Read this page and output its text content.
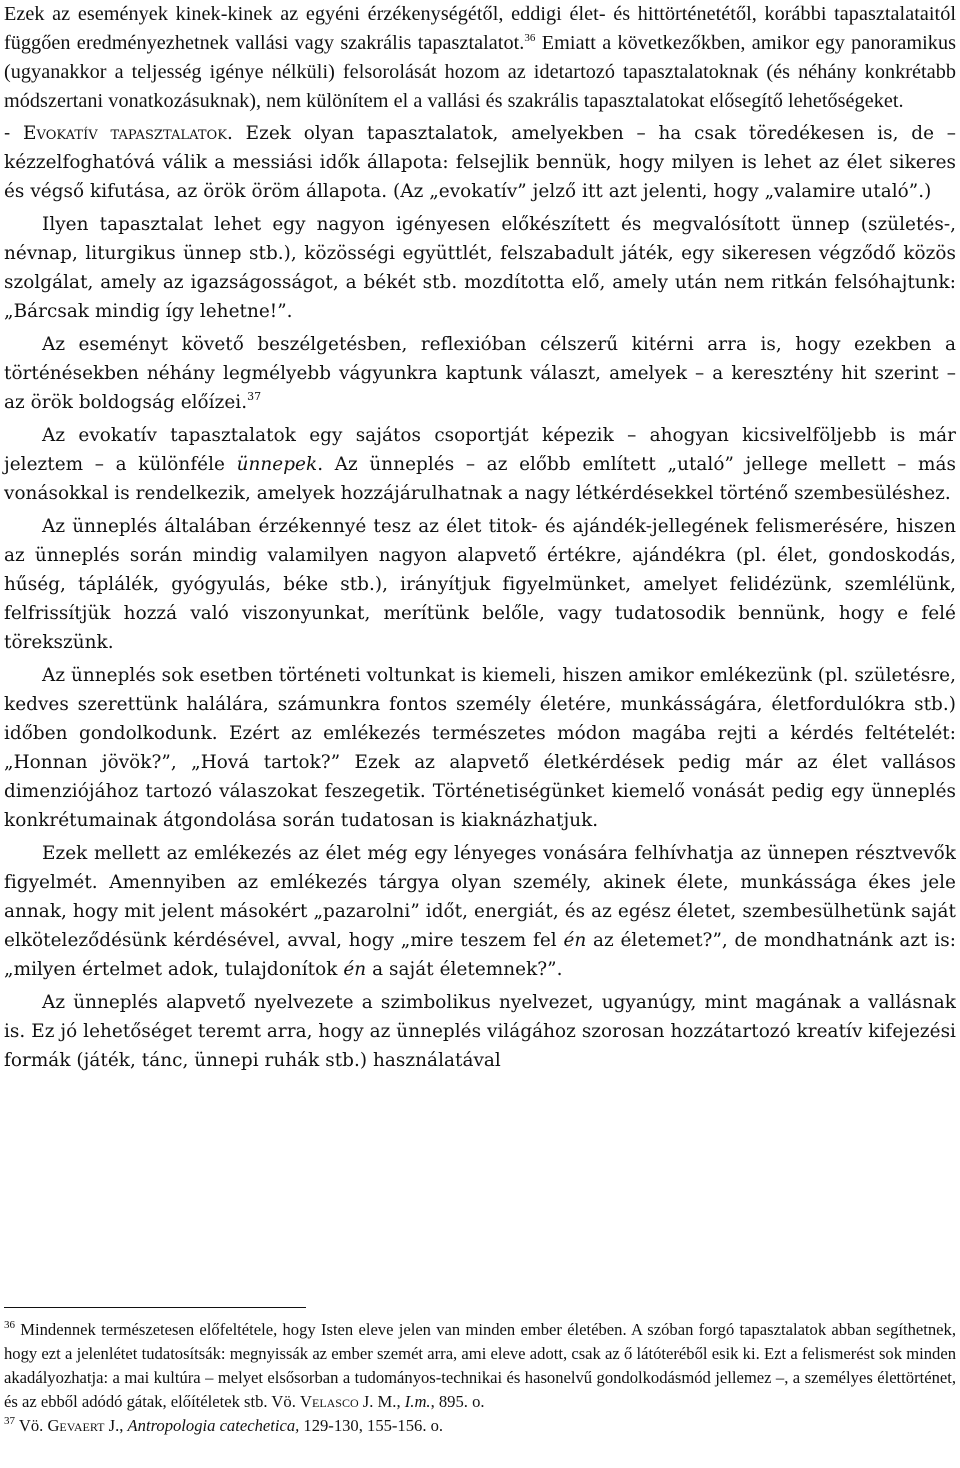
Ezek az események kinek-kinek az egyéni érzékenységétől, eddigi élet- és hittörténetétől, korábbi tapasztalataitól függően eredményezhetnek vallási vagy szakrális tapasztalatot.$^{36}$ Emiatt a következőkben, amikor egy panoramikus (ugyanakkor a teljesség igénye nélküli) felsorolását hozom az idetartozó tapasztalatoknak (és néhány konkrétabb módszertani vonatkozásuknak), nem különítem el a vallási és szakrális tapasztalatokat elősegítő lehetőségeket.

- Evokatív tapasztalatok. Ezek olyan tapasztalatok, amelyekben – ha csak töredékesen is, de – kézzelfoghatóvá válik a messiási idők állapota: felsejlik bennük, hogy milyen is lehet az élet sikeres és végső kifutása, az örök öröm állapota. (Az „evokatív” jelző itt azt jelenti, hogy „valamire utaló”.)

Ilyen tapasztalat lehet egy nagyon igényesen előkészített és megvalósított ünnep (születés-, névnap, liturgikus ünnep stb.), közösségi együttlét, felszabadult játék, egy sikeresen végződő közös szolgálat, amely az igazságosságot, a békét stb. mozdította elő, amely után nem ritkán felsóhajtunk: „Bárcsak mindig így lehetne!”.

Az eseményt követő beszélgetésben, reflexióban célszerű kitérni arra is, hogy ezekben a történésekben néhány legmélyebb vágyunkra kaptunk választ, amelyek – a keresztény hit szerint – az örök boldogság előízei.$^{37}$

Az evokatív tapasztalatok egy sajátos csoportját képezik – ahogyan kicsivelföljebb is már jeleztem – a különféle ünnepek. Az ünneplés – az előbb említett „utaló” jellege mellett – más vonásokkal is rendelkezik, amelyek hozzájárulhatnak a nagy létkérdésekkel történő szembesüléshez.

Az ünneplés általában érzékennyé tesz az élet titok- és ajándék-jellegének felismerésére, hiszen az ünneplés során mindig valamilyen nagyon alapvető értékre, ajándékra (pl. élet, gondoskodás, hűség, táplálék, gyógyulás, béke stb.), irányítjuk figyelmünket, amelyet felidézünk, szemlélünk, felfrissítjük hozzá való viszonyunkat, merítünk belőle, vagy tudatosodik bennünk, hogy e felé törekszünk.

Az ünneplés sok esetben történeti voltunkat is kiemeli, hiszen amikor emlékezünk (pl. születésre, kedves szerettünk halálára, számunkra fontos személy életére, munkásságára, életfordulókra stb.) időben gondolkodunk. Ezért az emlékezés természetes módon magába rejti a kérdés feltételét: „Honnan jövök?”, „Hová tartok?” Ezek az alapvető életkérdések pedig már az élet vallásos dimenziójához tartozó válaszokat feszegetik. Történetiségünket kiemelő vonását pedig egy ünneplés konkrétumainak átgondolása során tudatosan is kiaknázhatjuk.

Ezek mellett az emlékezés az élet még egy lényeges vonására felhívhatja az ünnepen résztvevők figyelmét. Amennyiben az emlékezés tárgya olyan személy, akinek élete, munkássága ékes jele annak, hogy mit jelent másokért „pazarolni” időt, energiát, és az egész életet, szembesülhetünk saját elköteleződésünk kérdésével, avval, hogy „mire teszem fel én az életemet?”, de mondhatnánk azt is: „milyen értelmet adok, tulajdonítok én a saját életemnek?”.

Az ünneplés alapvető nyelvezete a szimbolikus nyelvezet, ugyanúgy, mint magának a vallásnak is. Ez jó lehetőséget teremt arra, hogy az ünneplés világához szorosan hozzátartozó kreatív kifejezési formák (játék, tánc, ünnepi ruhák stb.) használatával

$^{36}$ Mindennek természetesen előfeltétele, hogy Isten eleve jelen van minden ember életében. A szóban forgó tapasztalatok abban segíthetnek, hogy ezt a jelenlétet tudatosítsák: megnyissák az ember szemét arra, ami eleve adott, csak az ő látóteréből esik ki. Ezt a felismerést sok minden akadályozhatja: a mai kultúra – melyet elsősorban a tudományos-technikai és hasonelvű gondolkodásmód jellemez –, a személyes élettörténet, és az ebből adódó gátak, előítéletek stb. Vö. Velasco J. M., I.m., 895. o.

$^{37}$ Vö. Gevaert J., Antropologia catechetica, 129-130, 155-156. o.
